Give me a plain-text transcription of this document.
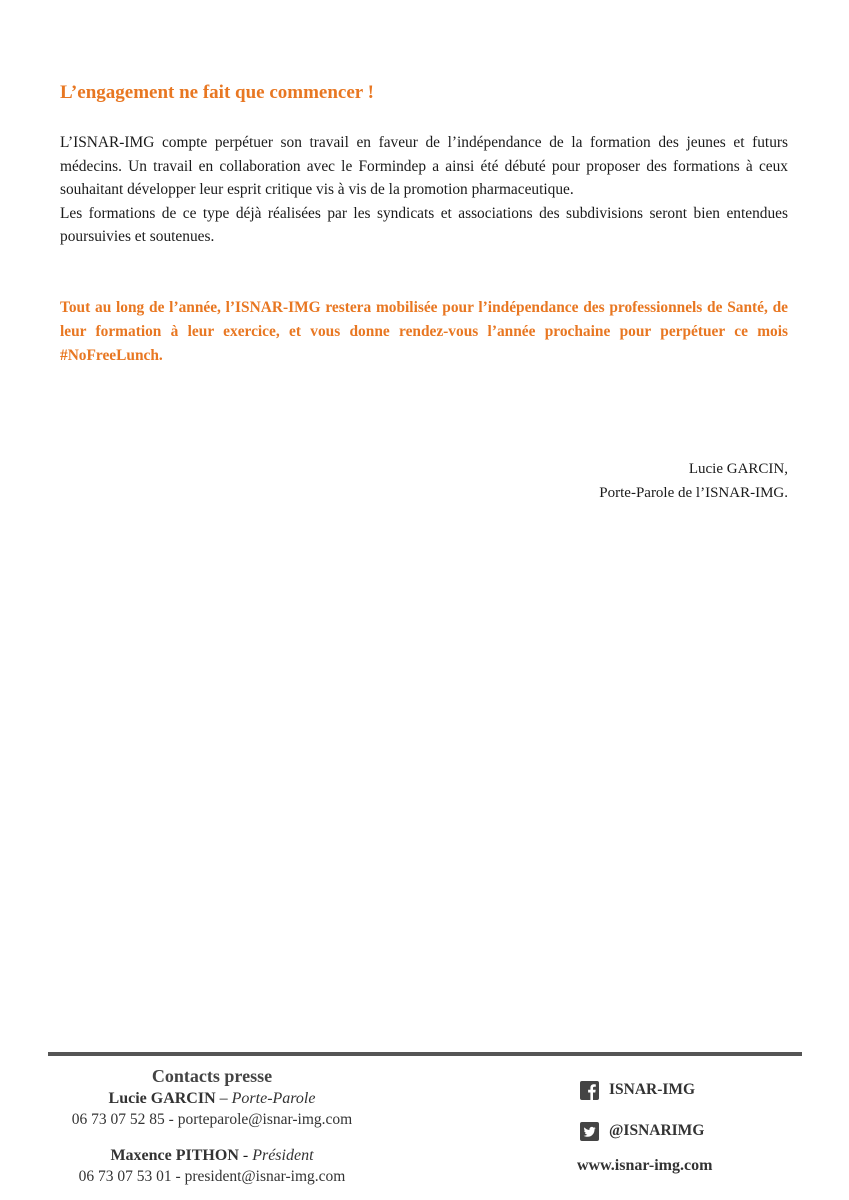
L’engagement ne fait que commencer !

L’ISNAR-IMG compte perpétuer son travail en faveur de l’indépendance de la formation des jeunes et futurs médecins. Un travail en collaboration avec le Formindep a ainsi été débuté pour proposer des formations à ceux souhaitant développer leur esprit critique vis à vis de la promotion pharmaceutique.

Les formations de ce type déjà réalisées par les syndicats et associations des subdivisions seront bien entendues poursuivies et soutenues.

Tout au long de l’année, l’ISNAR-IMG restera mobilisée pour l’indépendance des professionnels de Santé, de leur formation à leur exercice, et vous donne rendez-vous l’année prochaine pour perpétuer ce mois #NoFreeLunch.
Lucie GARCIN,
Porte-Parole de l’ISNAR-IMG.
Contacts presse
Lucie GARCIN – Porte-Parole
06 73 07 52 85 - porteparole@isnar-img.com
Maxence PITHON - Président
06 73 07 53 01 - president@isnar-img.com
ISNAR-IMG
@ISNARIMG
www.isnar-img.com
